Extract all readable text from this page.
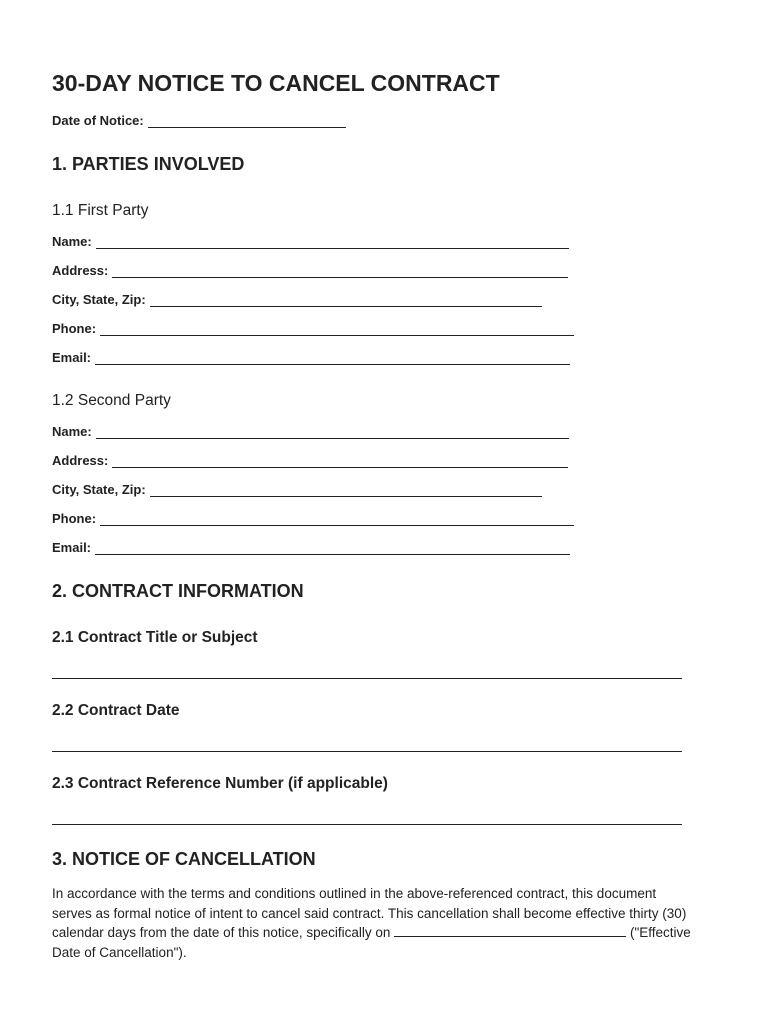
30-DAY NOTICE TO CANCEL CONTRACT
Date of Notice:
1. PARTIES INVOLVED
1.1 First Party
Name:
Address:
City, State, Zip:
Phone:
Email:
1.2 Second Party
Name:
Address:
City, State, Zip:
Phone:
Email:
2. CONTRACT INFORMATION
2.1 Contract Title or Subject
2.2 Contract Date
2.3 Contract Reference Number (if applicable)
3. NOTICE OF CANCELLATION

In accordance with the terms and conditions outlined in the above-referenced contract, this document serves as formal notice of intent to cancel said contract. This cancellation shall become effective thirty (30) calendar days from the date of this notice, specifically on	("Effective Date of Cancellation").
